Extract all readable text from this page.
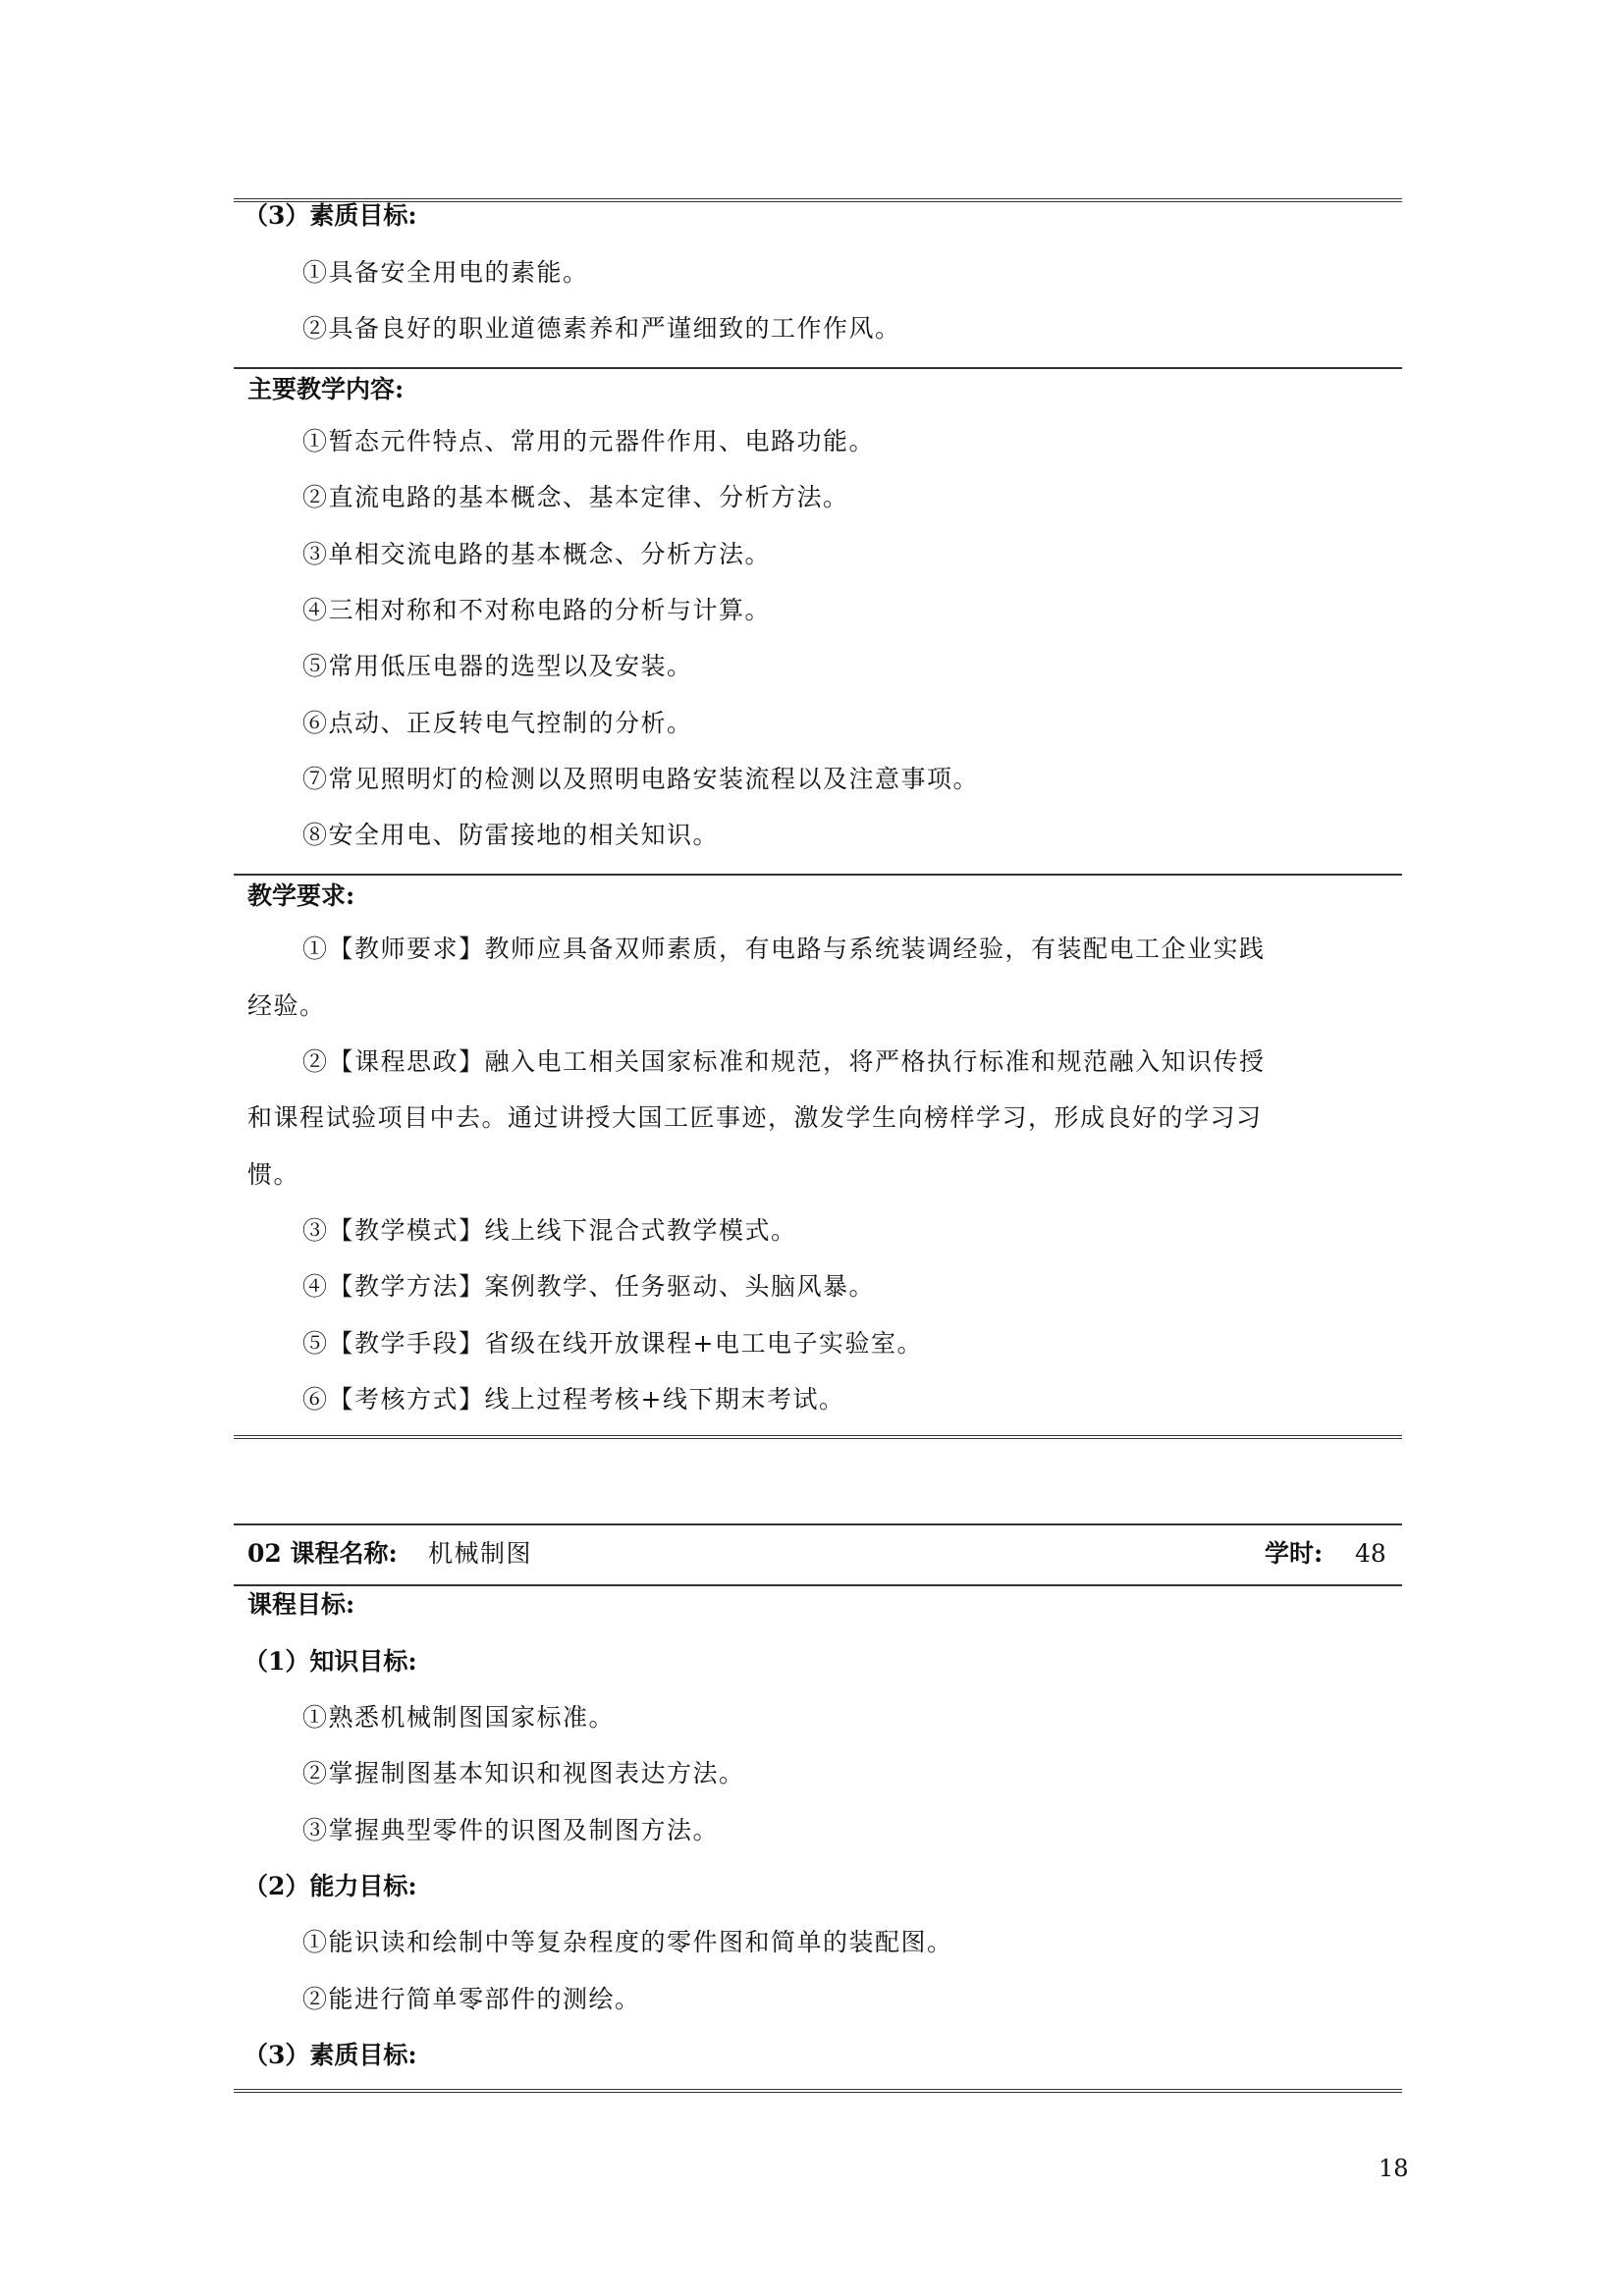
（3）素质目标:
①具备安全用电的素能。
②具备良好的职业道德素养和严谨细致的工作作风。
主要教学内容:
①暂态元件特点、常用的元器件作用、电路功能。
②直流电路的基本概念、基本定律、分析方法。
③单相交流电路的基本概念、分析方法。
④三相对称和不对称电路的分析与计算。
⑤常用低压电器的选型以及安装。
⑥点动、正反转电气控制的分析。
⑦常见照明灯的检测以及照明电路安装流程以及注意事项。
⑧安全用电、防雷接地的相关知识。
教学要求:
①【教师要求】教师应具备双师素质，有电路与系统装调经验，有装配电工企业实践
经验。
②【课程思政】融入电工相关国家标准和规范，将严格执行标准和规范融入知识传授
和课程试验项目中去。通过讲授大国工匠事迹，激发学生向榜样学习，形成良好的学习习
惯。
③【教学模式】线上线下混合式教学模式。
④【教学方法】案例教学、任务驱动、头脑风暴。
⑤【教学手段】省级在线开放课程+电工电子实验室。
⑥【考核方式】线上过程考核+线下期末考试。
02 课程名称: 机械制图	学时: 48
课程目标:
（1）知识目标:
①熟悉机械制图国家标准。
②掌握制图基本知识和视图表达方法。
③掌握典型零件的识图及制图方法。
（2）能力目标:
①能识读和绘制中等复杂程度的零件图和简单的装配图。
②能进行简单零部件的测绘。
（3）素质目标:
18
